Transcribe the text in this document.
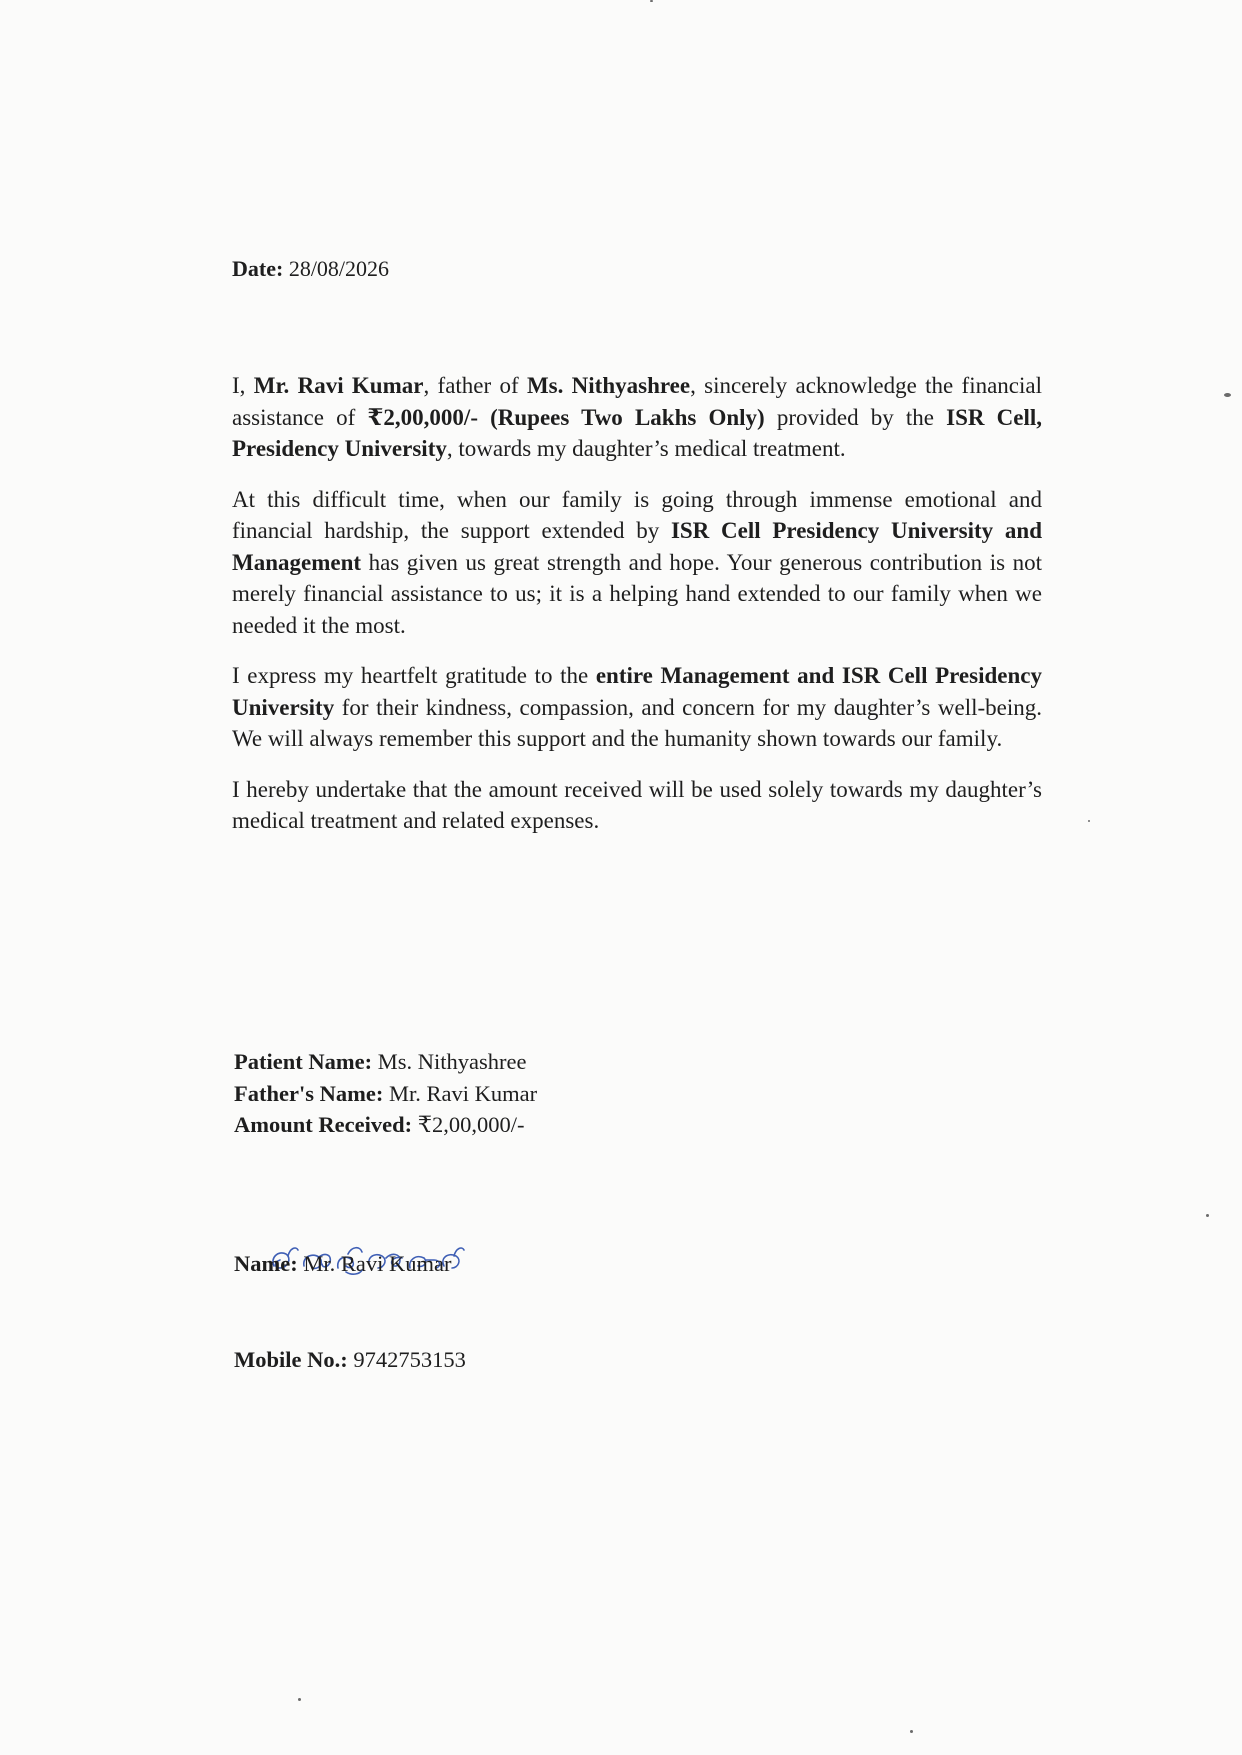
Date: 28/08/2026

I, Mr. Ravi Kumar, father of Ms. Nithyashree, sincerely acknowledge the financial assistance of ₹2,00,000/- (Rupees Two Lakhs Only) provided by the ISR Cell, Presidency University, towards my daughter’s medical treatment.

At this difficult time, when our family is going through immense emotional and financial hardship, the support extended by ISR Cell Presidency University and Management has given us great strength and hope. Your generous contribution is not merely financial assistance to us; it is a helping hand extended to our family when we needed it the most.

I express my heartfelt gratitude to the entire Management and ISR Cell Presidency University for their kindness, compassion, and concern for my daughter’s well-being. We will always remember this support and the humanity shown towards our family.

I hereby undertake that the amount received will be used solely towards my daughter’s medical treatment and related expenses.

Patient Name: Ms. Nithyashree
Father's Name: Mr. Ravi Kumar
Amount Received: ₹2,00,000/-
Name: Mr. Ravi Kumar
Mobile No.: 9742753153
